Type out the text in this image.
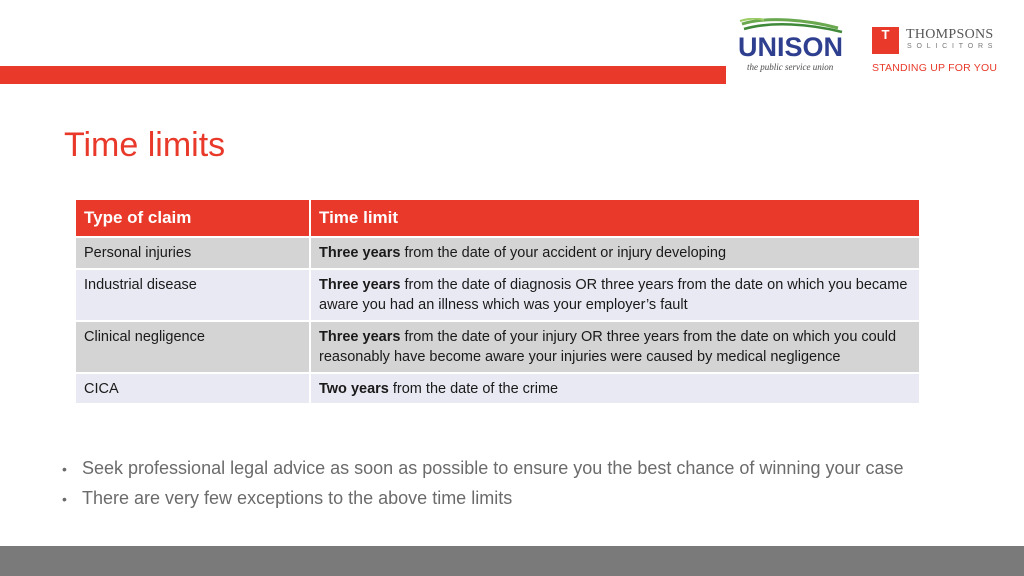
UNISON
the public service union
T	THOMPSONS
SOLICITORS
STANDING UP FOR YOU
Time limits
Type of claim	Time limit
Personal injuries	Three years from the date of your accident or injury developing
Industrial disease	Three years from the date of diagnosis OR three years from the date on which you became aware you had an illness which was your employer’s fault
Clinical negligence	Three years from the date of your injury OR three years from the date on which you could reasonably have become aware your injuries were caused by medical negligence
CICA	Two years from the date of the crime
• Seek professional legal advice as soon as possible to ensure you the best chance of winning your case
• There are very few exceptions to the above time limits
